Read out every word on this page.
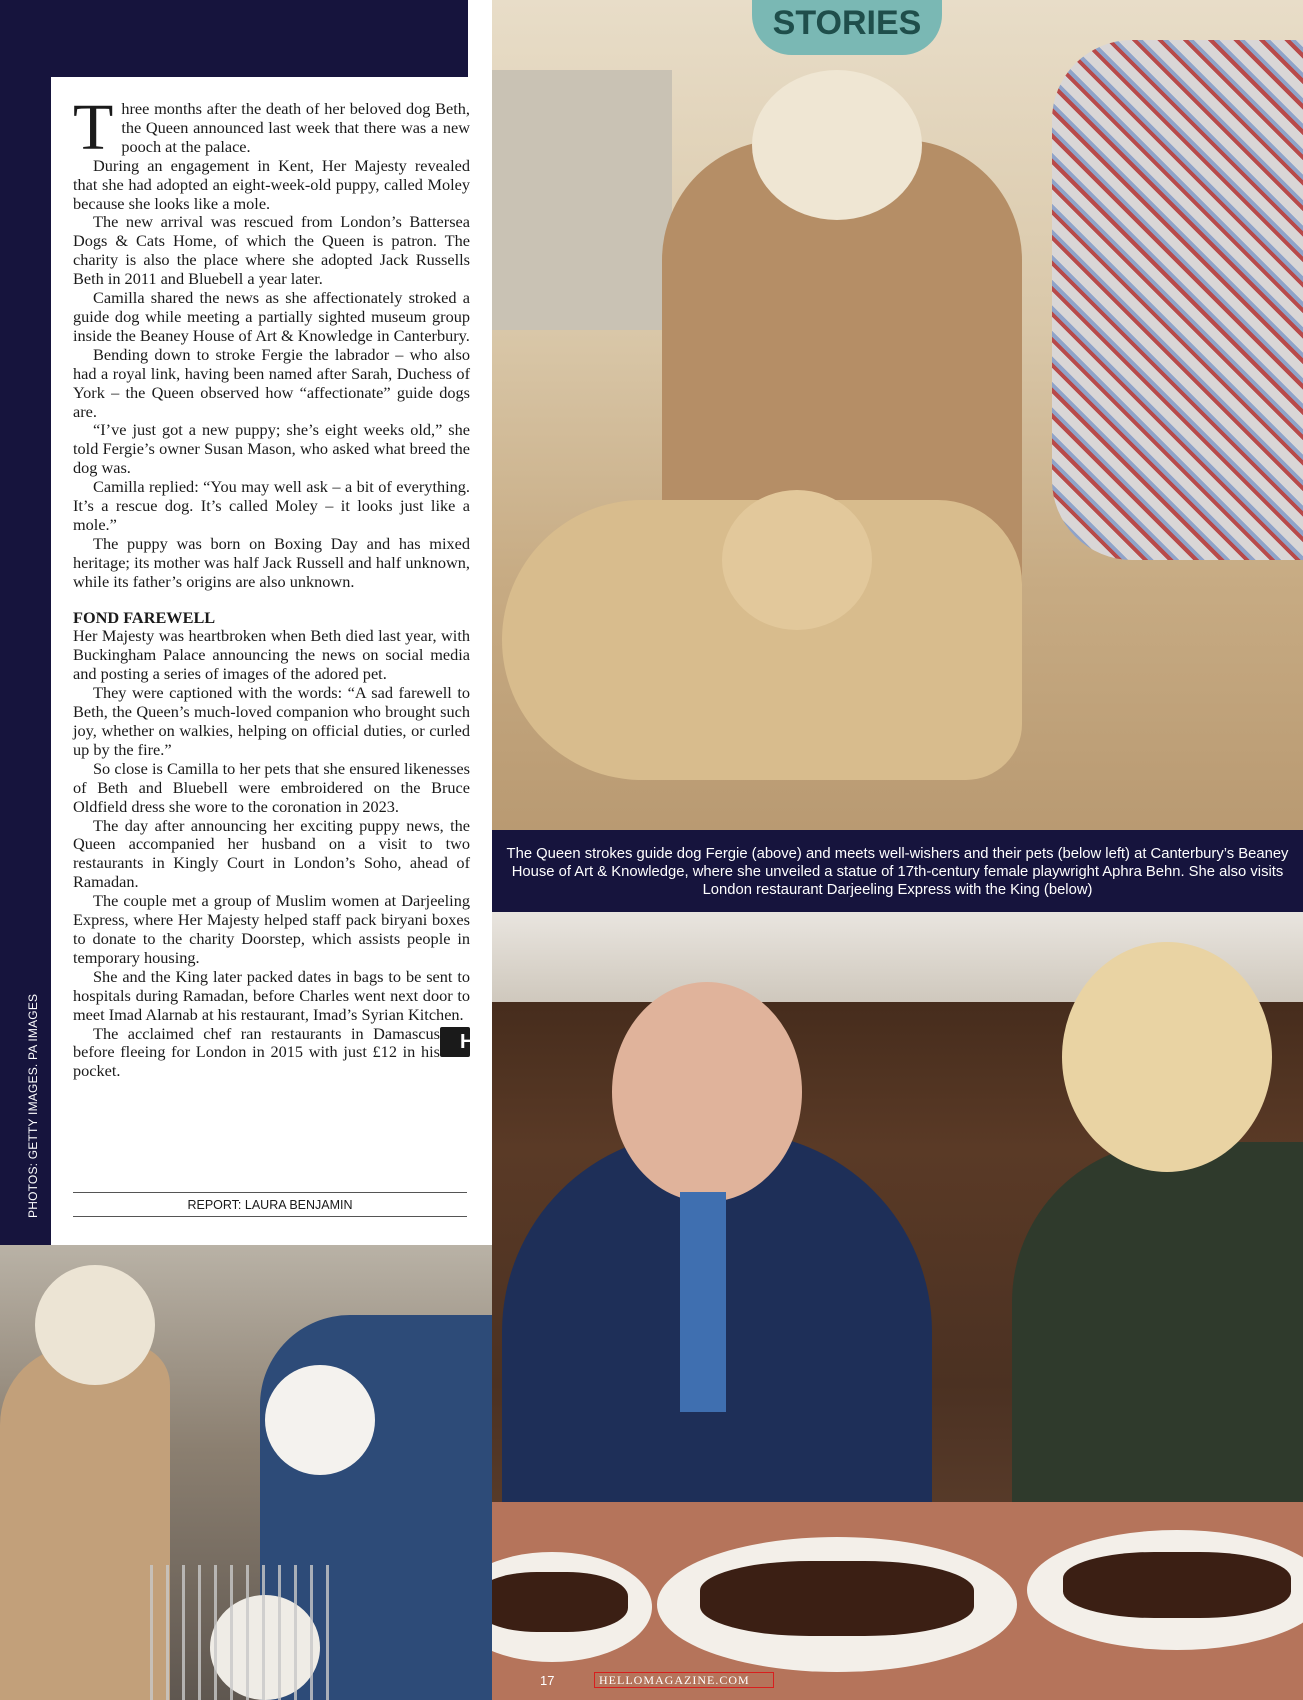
PHOTOS: GETTY IMAGES. PA IMAGES

Three months after the death of her beloved dog Beth, the Queen announced last week that there was a new pooch at the palace.

During an engagement in Kent, Her Majesty revealed that she had adopted an eight-week-old puppy, called Moley because she looks like a mole.

The new arrival was rescued from London’s Battersea Dogs & Cats Home, of which the Queen is patron. The charity is also the place where she adopted Jack Russells Beth in 2011 and Bluebell a year later.

Camilla shared the news as she affectionately stroked a guide dog while meeting a partially sighted museum group inside the Beaney House of Art & Knowledge in Canterbury.

Bending down to stroke Fergie the labrador – who also had a royal link, having been named after Sarah, Duchess of York – the Queen observed how “affectionate” guide dogs are.

“I’ve just got a new puppy; she’s eight weeks old,” she told Fergie’s owner Susan Mason, who asked what breed the dog was.

Camilla replied: “You may well ask – a bit of everything. It’s a rescue dog. It’s called Moley – it looks just like a mole.”

The puppy was born on Boxing Day and has mixed heritage; its mother was half Jack Russell and half unknown, while its father’s origins are also unknown.

FOND FAREWELL

Her Majesty was heartbroken when Beth died last year, with Buckingham Palace announcing the news on social media and posting a series of images of the adored pet.

They were captioned with the words: “A sad farewell to Beth, the Queen’s much-loved companion who brought such joy, whether on walkies, helping on official duties, or curled up by the fire.”

So close is Camilla to her pets that she ensured likenesses of Beth and Bluebell were embroidered on the Bruce Oldfield dress she wore to the coronation in 2023.

The day after announcing her exciting puppy news, the Queen accompanied her husband on a visit to two restaurants in Kingly Court in London’s Soho, ahead of Ramadan.

The couple met a group of Muslim women at Darjeeling Express, where Her Majesty helped staff pack biryani boxes to donate to the charity Doorstep, which assists people in temporary housing.

She and the King later packed dates in bags to be sent to hospitals during Ramadan, before Charles went next door to meet Imad Alarnab at his restaurant, Imad’s Syrian Kitchen.

H
The acclaimed chef ran restaurants in Damascus before fleeing for London in 2015 with just £12 in his pocket.

REPORT: LAURA BENJAMIN
STORIES
The Queen strokes guide dog Fergie (above) and meets well-wishers and their pets (below left) at Canterbury’s Beaney House of Art & Knowledge, where she unveiled a statue of 17th-century female playwright Aphra Behn. She also visits London restaurant Darjeeling Express with the King (below)
17	HELLOMAGAZINE.COM
